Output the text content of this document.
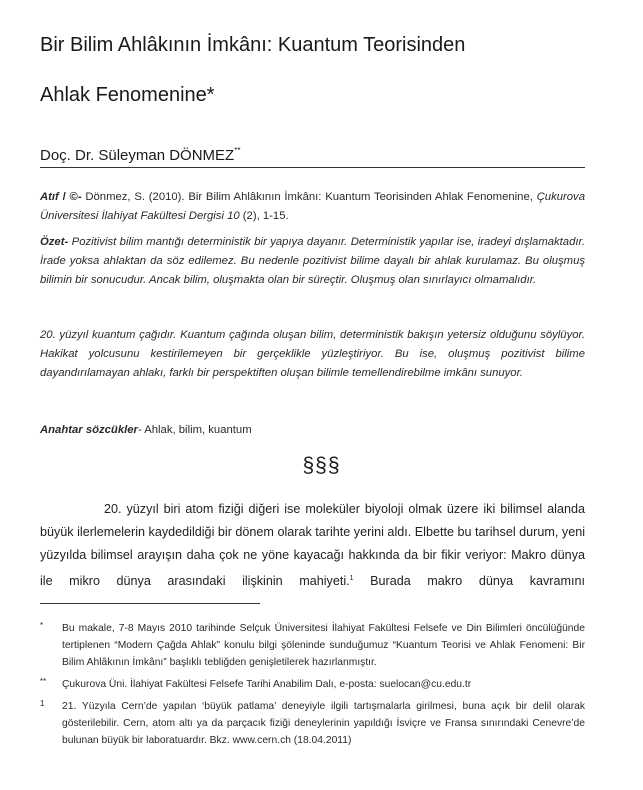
Bir Bilim Ahlâkının İmkânı: Kuantum Teorisinden
Ahlak Fenomenine*
Doç. Dr. Süleyman DÖNMEZ**
Atıf / ©- Dönmez, S. (2010). Bir Bilim Ahlâkının İmkânı: Kuantum Teorisinden Ahlak Fenomenine, Çukurova Üniversitesi İlahiyat Fakültesi Dergisi 10 (2), 1-15.
Özet- Pozitivist bilim mantığı deterministik bir yapıya dayanır. Deterministik yapılar ise, iradeyi dışlamaktadır. İrade yoksa ahlaktan da söz edilemez. Bu nedenle pozitivist bilime dayalı bir ahlak kurulamaz. Bu oluşmuş bilimin bir sonucudur. Ancak bilim, oluşmakta olan bir süreçtir. Oluşmuş olan sınırlayıcı olmamalıdır.
20. yüzyıl kuantum çağıdır. Kuantum çağında oluşan bilim, deterministik bakışın yetersiz olduğunu söylüyor. Hakikat yolcusunu kestirilemeyen bir gerçeklikle yüzleştiriyor. Bu ise, oluşmuş pozitivist bilime dayandırılamayan ahlakı, farklı bir perspektiften oluşan bilimle temellendirebilme imkânı sunuyor.
Anahtar sözcükler- Ahlak, bilim, kuantum
§§§
20. yüzyıl biri atom fiziği diğeri ise moleküler biyoloji olmak üzere iki bilimsel alanda büyük ilerlemelerin kaydedildiği bir dönem olarak tarihte yerini aldı. Elbette bu tarihsel durum, yeni yüzyılda bilimsel arayışın daha çok ne yöne kayacağı hakkında da bir fikir veriyor: Makro dünya ile mikro dünya arasındaki ilişkinin mahiyeti.$^1$ Burada makro dünya kavramını
* Bu makale, 7-8 Mayıs 2010 tarihinde Selçuk Üniversitesi İlahiyat Fakültesi Felsefe ve Din Bilimleri öncülüğünde tertiplenen “Modern Çağda Ahlak” konulu bilgi şöleninde sunduğumuz “Kuantum Teorisi ve Ahlak Fenomeni: Bir Bilim Ahlâkının İmkânı” başlıklı tebliğden genişletilerek hazırlanmıştır.
** Çukurova Üni. İlahiyat Fakültesi Felsefe Tarihi Anabilim Dalı, e-posta: suelocan@cu.edu.tr
1 21. Yüzyıla Cern’de yapılan ‘büyük patlama’ deneyiyle ilgili tartışmalarla girilmesi, buna açık bir delil olarak gösterilebilir. Cern, atom altı ya da parçacık fiziği deneylerinin yapıldığı İsviçre ve Fransa sınırındaki Cenevre’de bulunan büyük bir laboratuardır. Bkz. www.cern.ch (18.04.2011)
